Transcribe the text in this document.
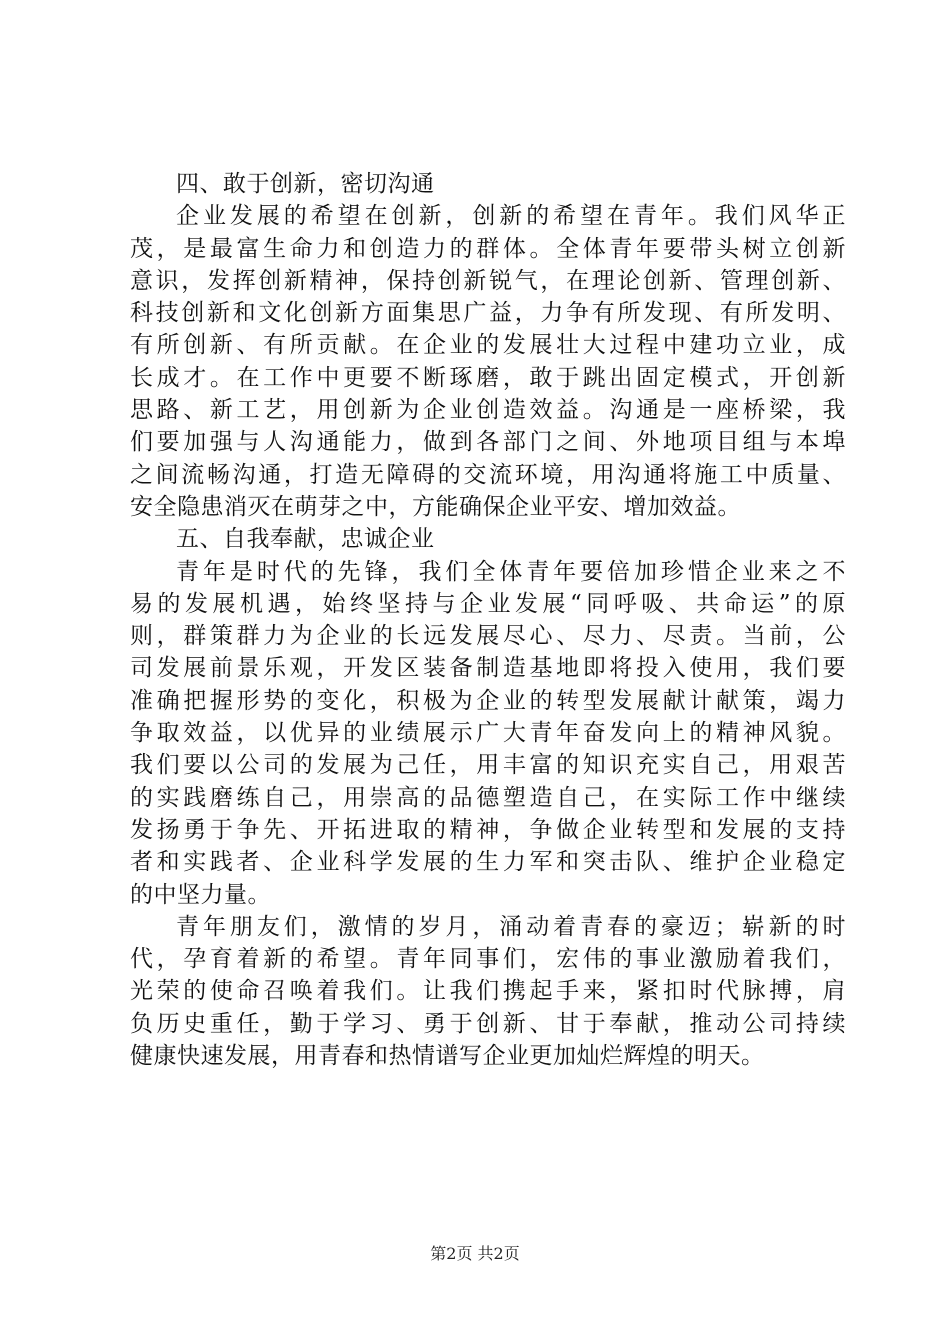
四、敢于创新，密切沟通
企业发展的希望在创新，创新的希望在青年。我们风华正
茂，是最富生命力和创造力的群体。全体青年要带头树立创新
意识，发挥创新精神，保持创新锐气，在理论创新、管理创新、
科技创新和文化创新方面集思广益，力争有所发现、有所发明、
有所创新、有所贡献。在企业的发展壮大过程中建功立业，成
长成才。在工作中更要不断琢磨，敢于跳出固定模式，开创新
思路、新工艺，用创新为企业创造效益。沟通是一座桥梁，我
们要加强与人沟通能力，做到各部门之间、外地项目组与本埠
之间流畅沟通，打造无障碍的交流环境，用沟通将施工中质量、
安全隐患消灭在萌芽之中，方能确保企业平安、增加效益。
五、自我奉献，忠诚企业
青年是时代的先锋，我们全体青年要倍加珍惜企业来之不
易的发展机遇，始终坚持与企业发展“同呼吸、共命运”的原
则，群策群力为企业的长远发展尽心、尽力、尽责。当前，公
司发展前景乐观，开发区装备制造基地即将投入使用，我们要
准确把握形势的变化，积极为企业的转型发展献计献策，竭力
争取效益，以优异的业绩展示广大青年奋发向上的精神风貌。
我们要以公司的发展为己任，用丰富的知识充实自己，用艰苦
的实践磨练自己，用崇高的品德塑造自己，在实际工作中继续
发扬勇于争先、开拓进取的精神，争做企业转型和发展的支持
者和实践者、企业科学发展的生力军和突击队、维护企业稳定
的中坚力量。
青年朋友们，激情的岁月，涌动着青春的豪迈；崭新的时
代，孕育着新的希望。青年同事们，宏伟的事业激励着我们，
光荣的使命召唤着我们。让我们携起手来，紧扣时代脉搏，肩
负历史重任，勤于学习、勇于创新、甘于奉献，推动公司持续
健康快速发展，用青春和热情谱写企业更加灿烂辉煌的明天。
第2页 共2页
